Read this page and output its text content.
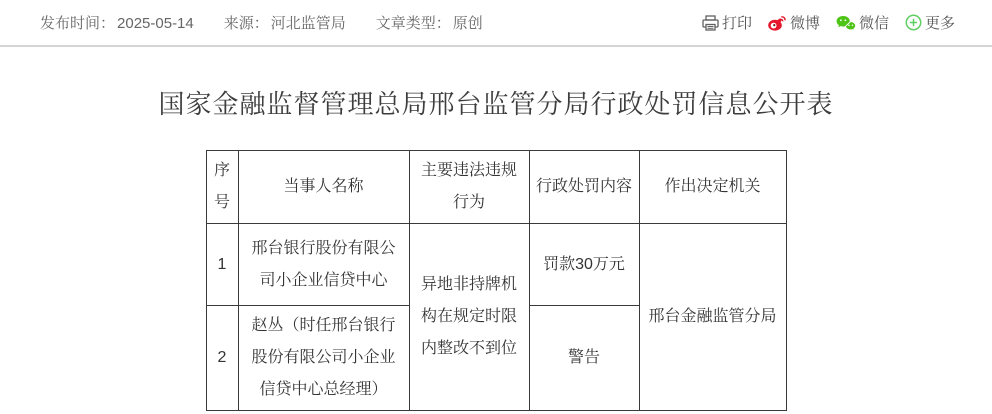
发布时间： 2025-05-14 来源： 河北监管局 文章类型： 原创	打印	微博	微信 更多
国家金融监督管理总局邢台监管分局行政处罚信息公开表
序号	当事人名称	主要违法违规行为	行政处罚内容	作出决定机关
1	邢台银行股份有限公司小企业信贷中心	异地非持牌机构在规定时限内整改不到位	罚款30万元	邢台金融监管分局
2	赵丛（时任邢台银行股份有限公司小企业信贷中心总经理）		警告	
